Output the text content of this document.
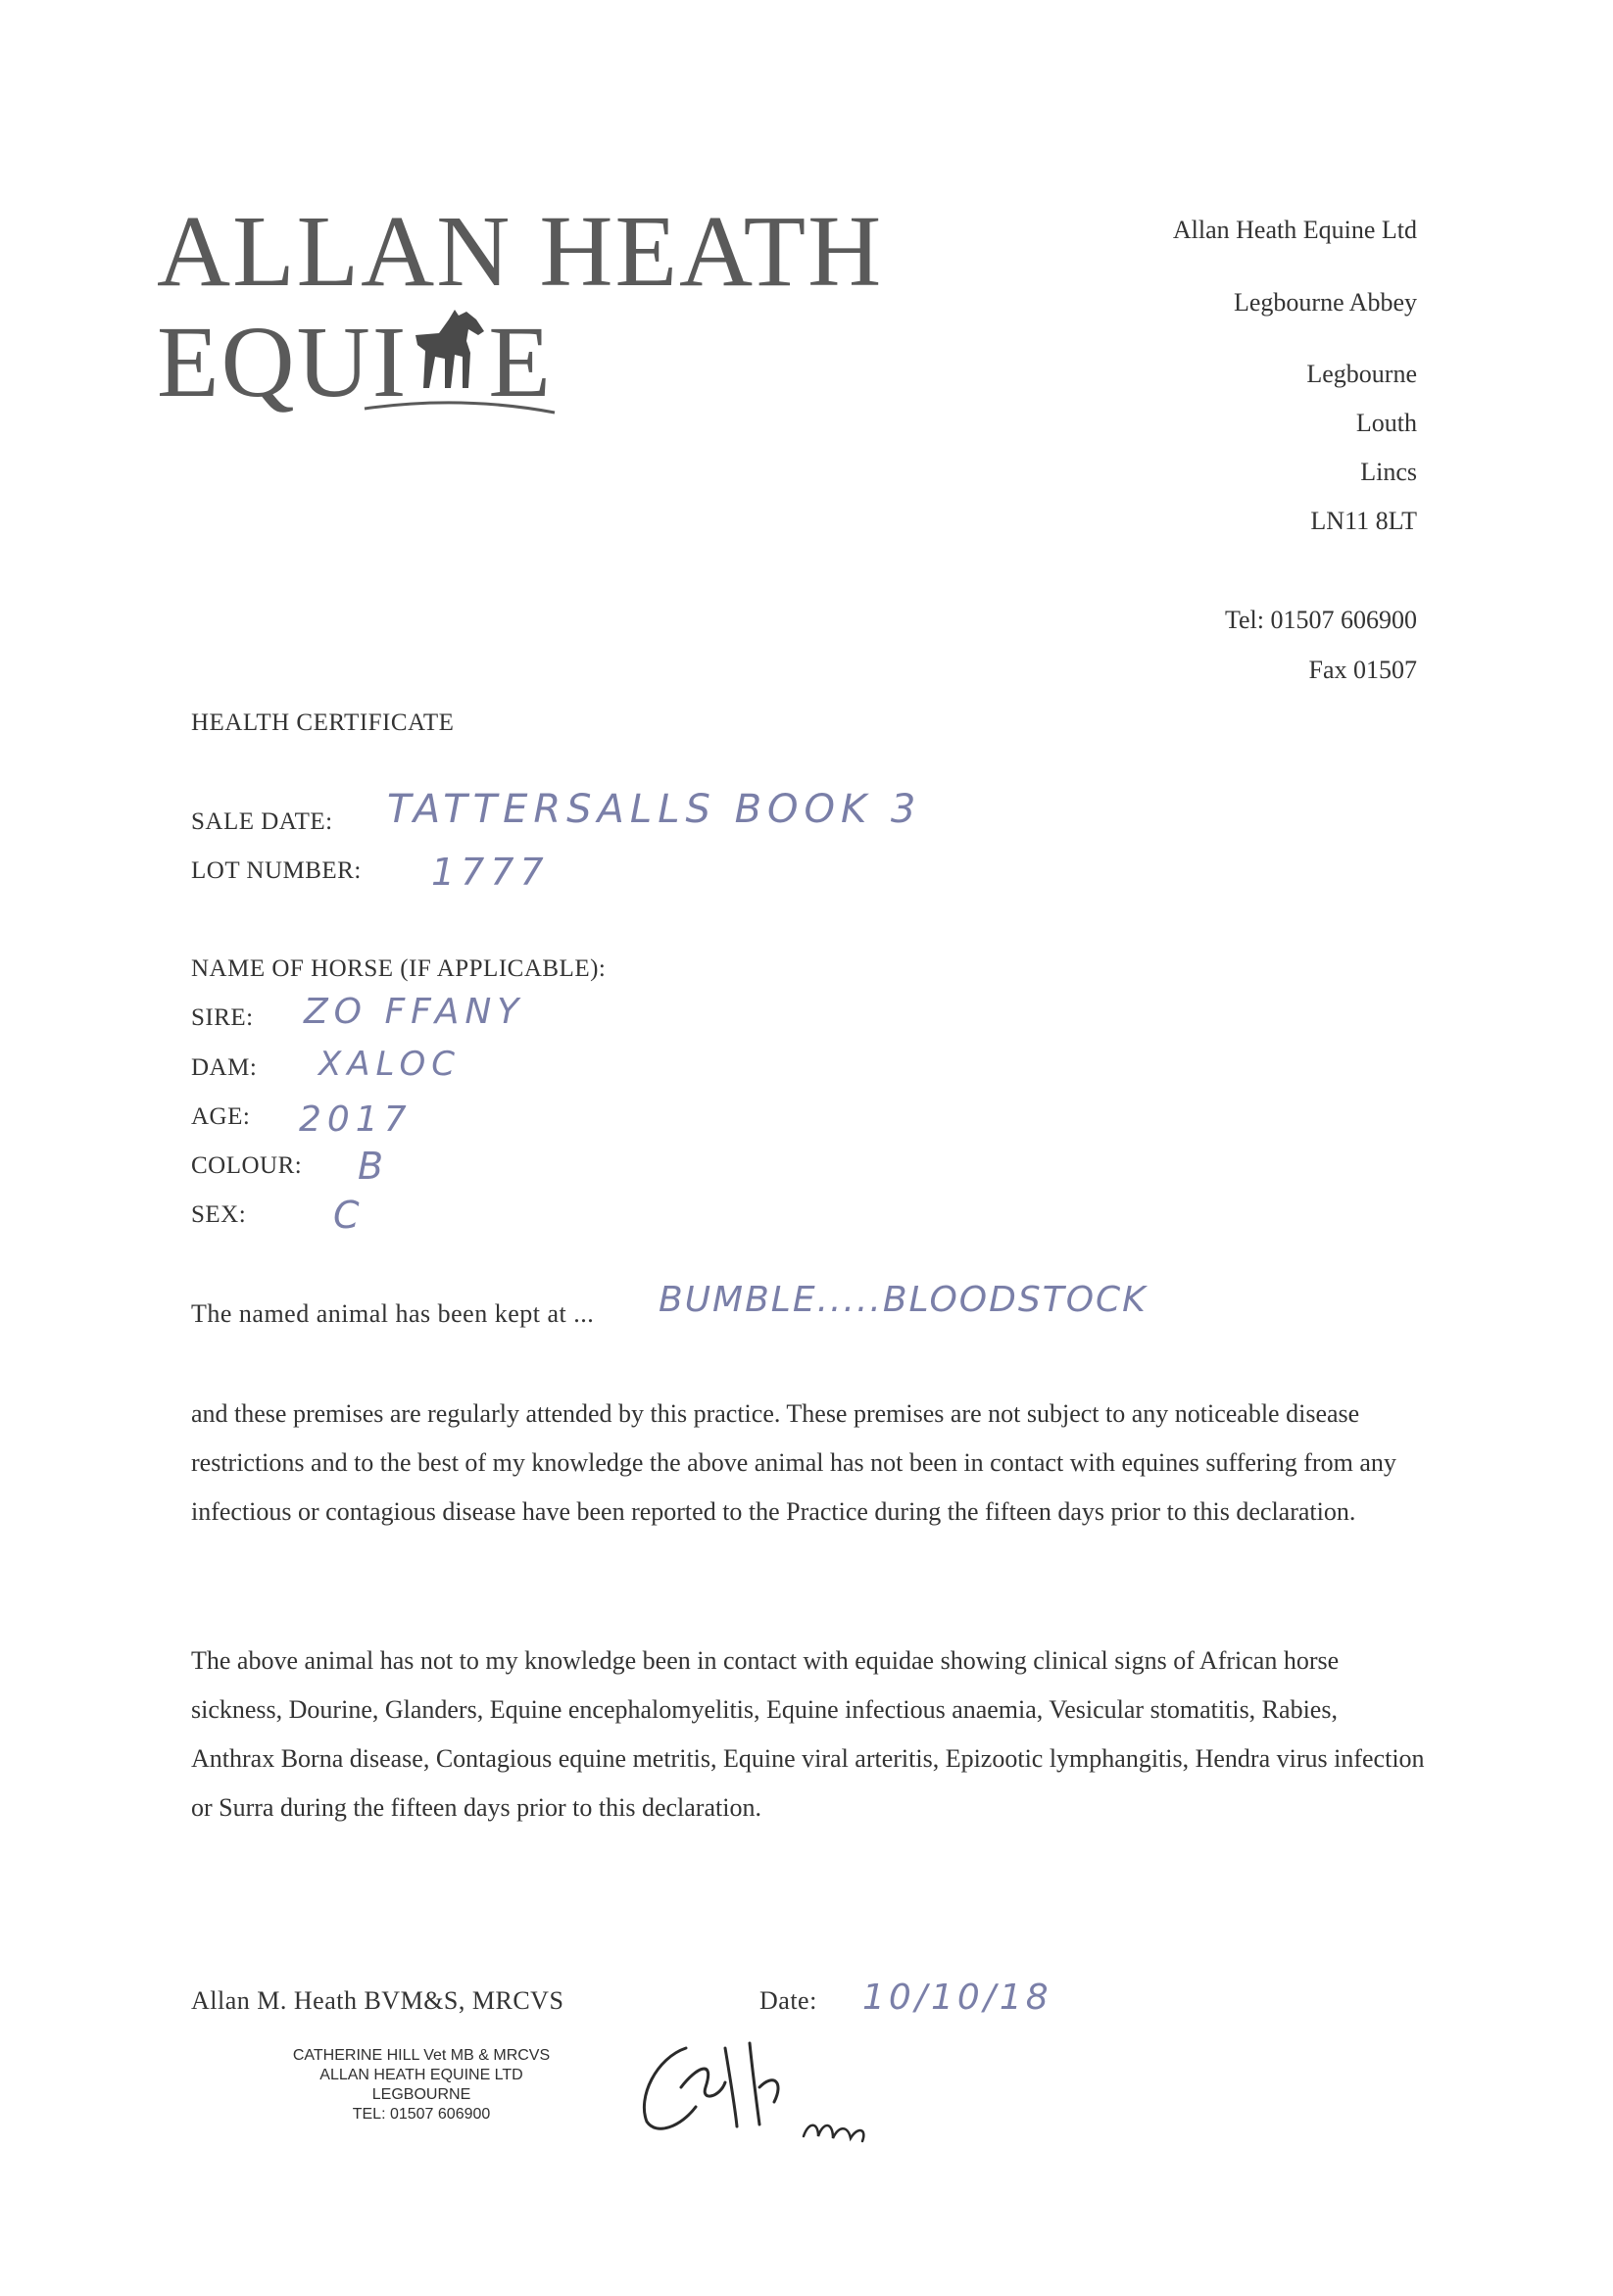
ALLAN HEATH
EQUI E
Allan Heath Equine Ltd
Legbourne Abbey
Legbourne
Louth
Lincs
LN11 8LT
Tel: 01507 606900
Fax 01507
HEALTH CERTIFICATE
SALE DATE: TATTERSALLS BOOK 3
LOT NUMBER: 1777
NAME OF HORSE (IF APPLICABLE):
SIRE: ZO FFANY
DAM: XALOC
AGE: 2017
COLOUR: B
SEX: C
The named animal has been kept at ... BUMBLE.....BLOODSTOCK
and these premises are regularly attended by this practice. These premises are not subject to any noticeable disease restrictions and to the best of my knowledge the above animal has not been in contact with equines suffering from any infectious or contagious disease have been reported to the Practice during the fifteen days prior to this declaration.
The above animal has not to my knowledge been in contact with equidae showing clinical signs of African horse sickness, Dourine, Glanders, Equine encephalomyelitis, Equine infectious anaemia, Vesicular stomatitis, Rabies, Anthrax Borna disease, Contagious equine metritis, Equine viral arteritis, Epizootic lymphangitis, Hendra virus infection or Surra during the fifteen days prior to this declaration.
Allan M. Heath BVM&S, MRCVS	Date: 10/10/18
CATHERINE HILL Vet MB & MRCVS
ALLAN HEATH EQUINE LTD
LEGBOURNE
TEL: 01507 606900
